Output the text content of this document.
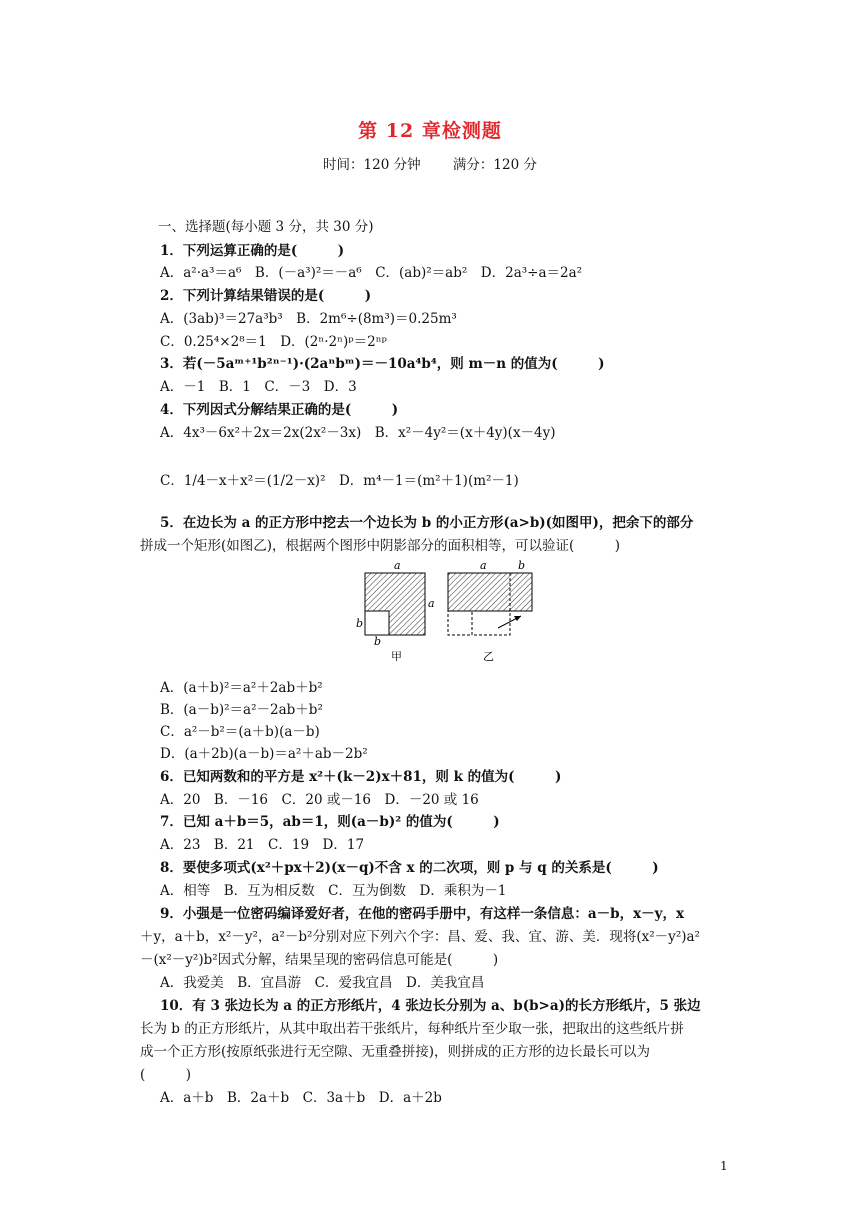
第 12 章检测题
时间：120 分钟 满分：120 分
一、选择题(每小题 3 分，共 30 分)
1．下列运算正确的是(　　　)
A．a²·a³＝a⁶　B．(－a³)²＝－a⁶　C．(ab)²＝ab²　D．2a³÷a＝2a²
2．下列计算结果错误的是(　　　)
A．(3ab)³＝27a³b³　B．2m⁶÷(8m³)＝0.25m³
C．0.25⁴×2⁸＝1　D．(2ⁿ·2ⁿ)ᵖ＝2ⁿᵖ
3．若(－5aᵐ⁺¹b²ⁿ⁻¹)·(2aⁿbᵐ)＝－10a⁴b⁴，则 m－n 的值为(　　　)
A．－1　B．1　C．－3　D．3
4．下列因式分解结果正确的是(　　　)
A．4x³－6x²＋2x＝2x(2x²－3x)　B．x²－4y²＝(x＋4y)(x－4y)
C．1/4－x＋x²＝(1/2－x)²　D．m⁴－1＝(m²＋1)(m²－1)
5．在边长为 a 的正方形中挖去一个边长为 b 的小正方形(a>b)(如图甲)，把余下的部分
拼成一个矩形(如图乙)，根据两个图形中阴影部分的面积相等，可以验证(　　　)
a
a
b
b
甲
a	b
乙
A．(a＋b)²＝a²＋2ab＋b²
B．(a－b)²＝a²－2ab＋b²
C．a²－b²＝(a＋b)(a－b)
D．(a＋2b)(a－b)＝a²＋ab－2b²
6．已知两数和的平方是 x²＋(k－2)x＋81，则 k 的值为(　　　)
A．20　B．－16　C．20 或－16　D．－20 或 16
7．已知 a＋b＝5，ab＝1，则(a－b)² 的值为(　　　)
A．23　B．21　C．19　D．17
8．要使多项式(x²＋px＋2)(x－q)不含 x 的二次项，则 p 与 q 的关系是(　　　)
A．相等　B．互为相反数　C．互为倒数　D．乘积为－1
9．小强是一位密码编译爱好者，在他的密码手册中，有这样一条信息：a－b，x－y，x
＋y，a＋b，x²－y²，a²－b²分别对应下列六个字：昌、爱、我、宜、游、美．现将(x²－y²)a²
－(x²－y²)b²因式分解，结果呈现的密码信息可能是(　　　)
A．我爱美　B．宜昌游　C．爱我宜昌　D．美我宜昌
10．有 3 张边长为 a 的正方形纸片，4 张边长分别为 a、b(b>a)的长方形纸片，5 张边
长为 b 的正方形纸片，从其中取出若干张纸片，每种纸片至少取一张，把取出的这些纸片拼
成一个正方形(按原纸张进行无空隙、无重叠拼接)，则拼成的正方形的边长最长可以为
(　　　)
A．a＋b　B．2a＋b　C．3a＋b　D．a＋2b
1
